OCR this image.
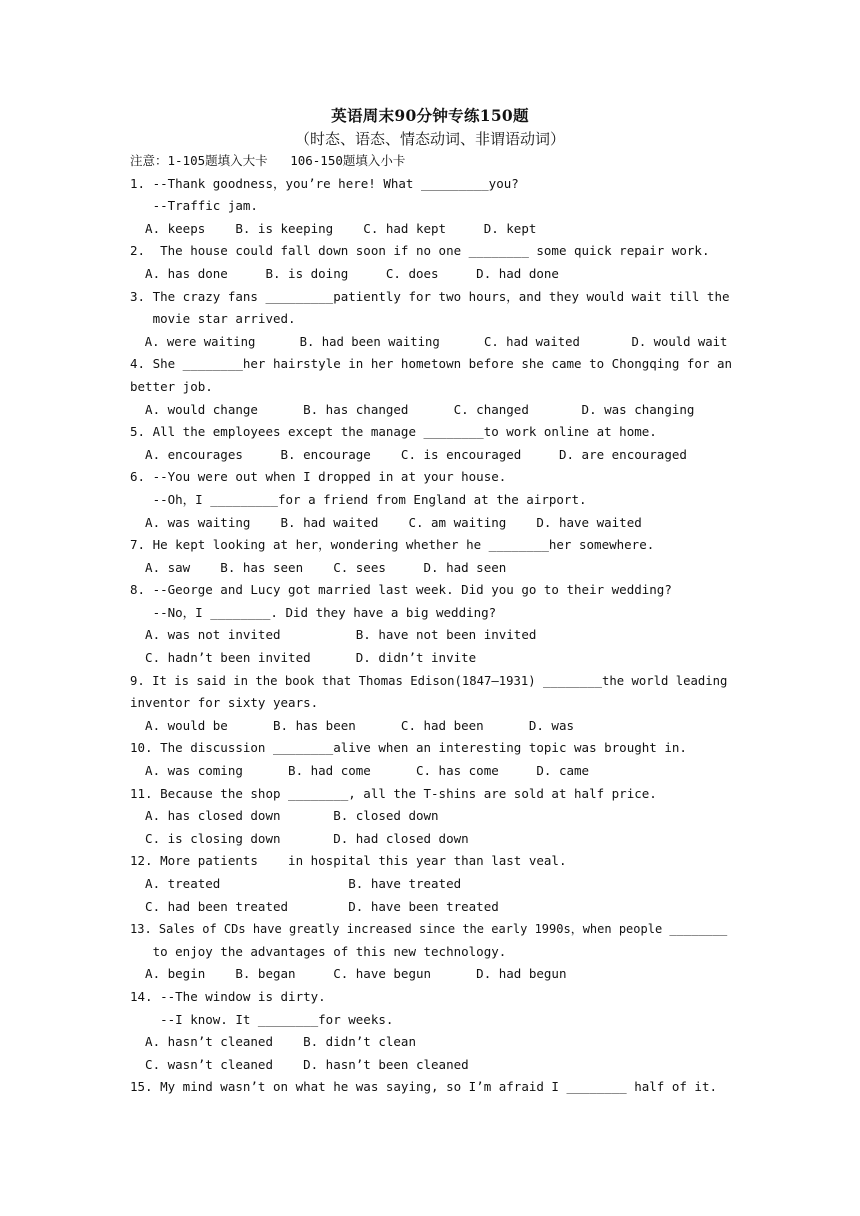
英语周末90分钟专练150题
（时态、语态、情态动词、非谓语动词）
注意：1-105题填入大卡   106-150题填入小卡
1. --Thank goodness，you’re here! What _________you?
--Traffic jam.
A. keeps    B. is keeping    C. had kept     D. kept
2.  The house could fall down soon if no one ________ some quick repair work.
A. has done     B. is doing     C. does     D. had done
3. The crazy fans _________patiently for two hours，and they would wait till the
movie star arrived.
A. were waiting      B. had been waiting      C. had waited       D. would wait
4. She ________her hairstyle in her hometown before she came to Chongqing for an
better job.
A. would change      B. has changed      C. changed       D. was changing
5. All the employees except the manage ________to work online at home.
A. encourages     B. encourage    C. is encouraged     D. are encouraged
6. --You were out when I dropped in at your house.
--Oh，I _________for a friend from England at the airport.
A. was waiting    B. had waited    C. am waiting    D. have waited
7. He kept looking at her，wondering whether he ________her somewhere.
A. saw    B. has seen    C. sees     D. had seen
8. --George and Lucy got married last week. Did you go to their wedding?
--No，I ________. Did they have a big wedding?
A. was not invited          B. have not been invited
C. hadn’t been invited      D. didn’t invite
9. It is said in the book that Thomas Edison(1847—1931) ________the world leading
inventor for sixty years.
A. would be      B. has been      C. had been      D. was
10. The discussion ________alive when an interesting topic was brought in.
A. was coming      B. had come      C. has come     D. came
11. Because the shop ________, all the T-shins are sold at half price.
A. has closed down       B. closed down
C. is closing down       D. had closed down
12. More patients    in hospital this year than last veal.
A. treated                 B. have treated
C. had been treated        D. have been treated
13. Sales of CDs have greatly increased since the early 1990s，when people ________
to enjoy the advantages of this new technology.
A. begin    B. began     C. have begun      D. had begun
14. --The window is dirty.
--I know. It ________for weeks.
A. hasn’t cleaned    B. didn’t clean
C. wasn’t cleaned    D. hasn’t been cleaned
15. My mind wasn’t on what he was saying, so I’m afraid I ________ half of it.
